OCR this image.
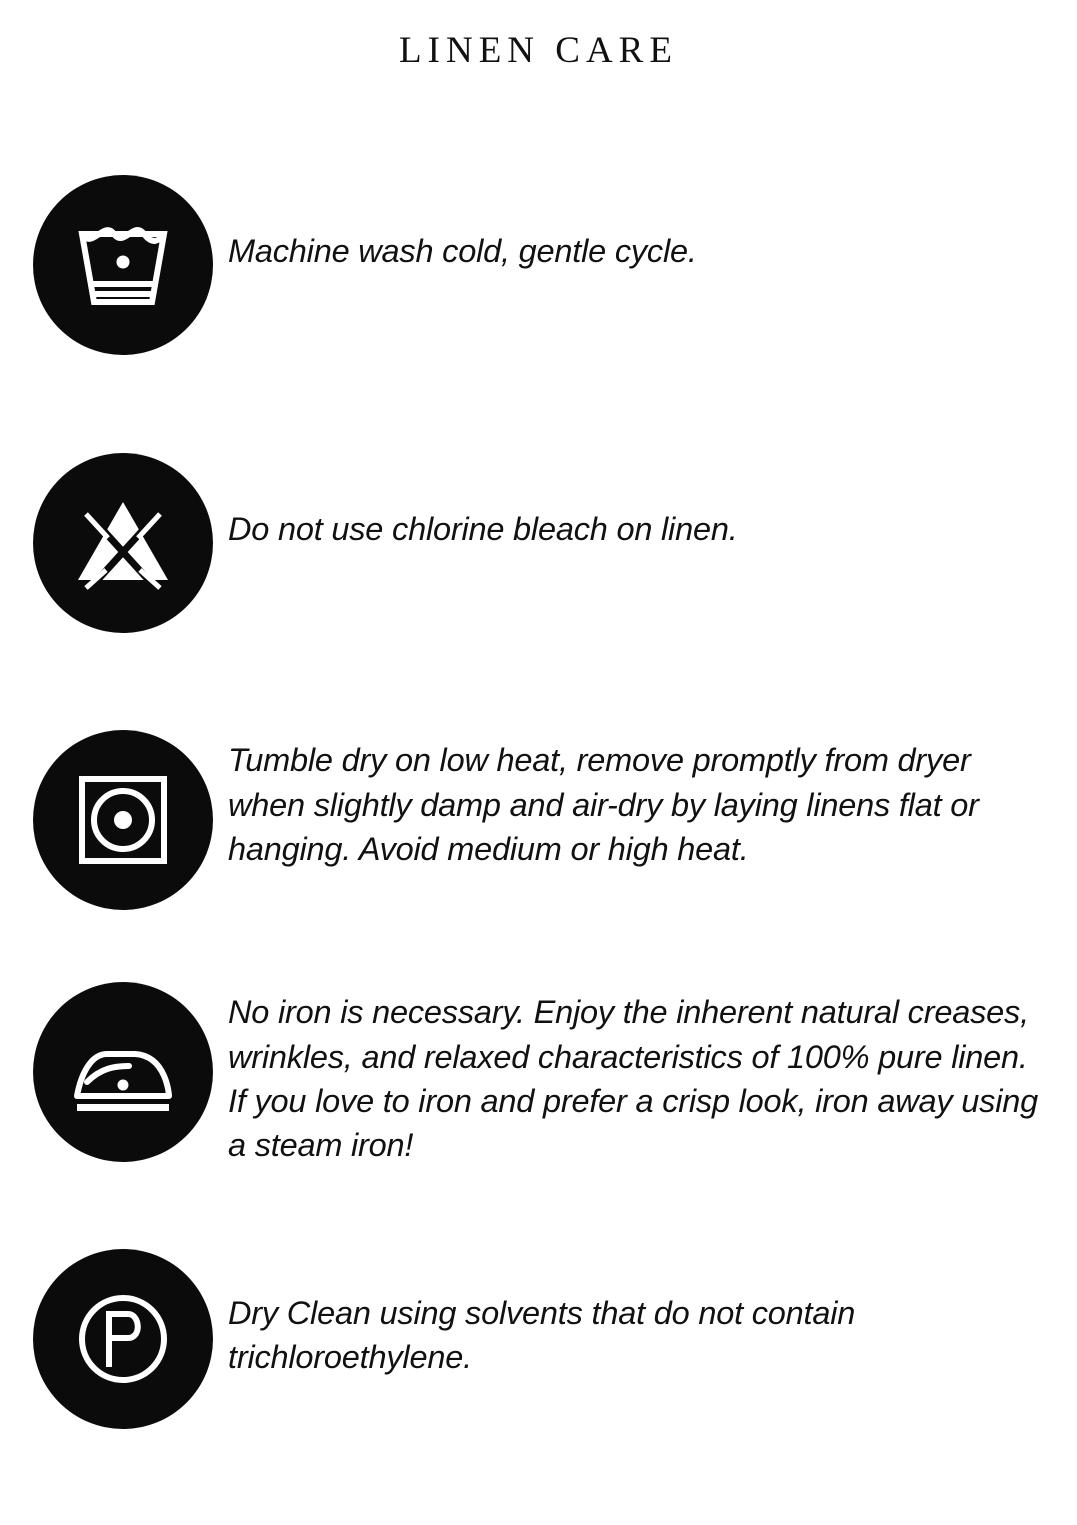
LINEN CARE
Machine wash cold, gentle cycle.
Do not use chlorine bleach on linen.
Tumble dry on low heat, remove promptly from dryer when slightly damp and air-dry by laying linens flat or hanging. Avoid medium or high heat.
No iron is necessary. Enjoy the inherent natural creases, wrinkles, and relaxed characteristics of 100% pure linen. If you love to iron and prefer a crisp look, iron away using a steam iron!
Dry Clean using solvents that do not contain trichloroethylene.
